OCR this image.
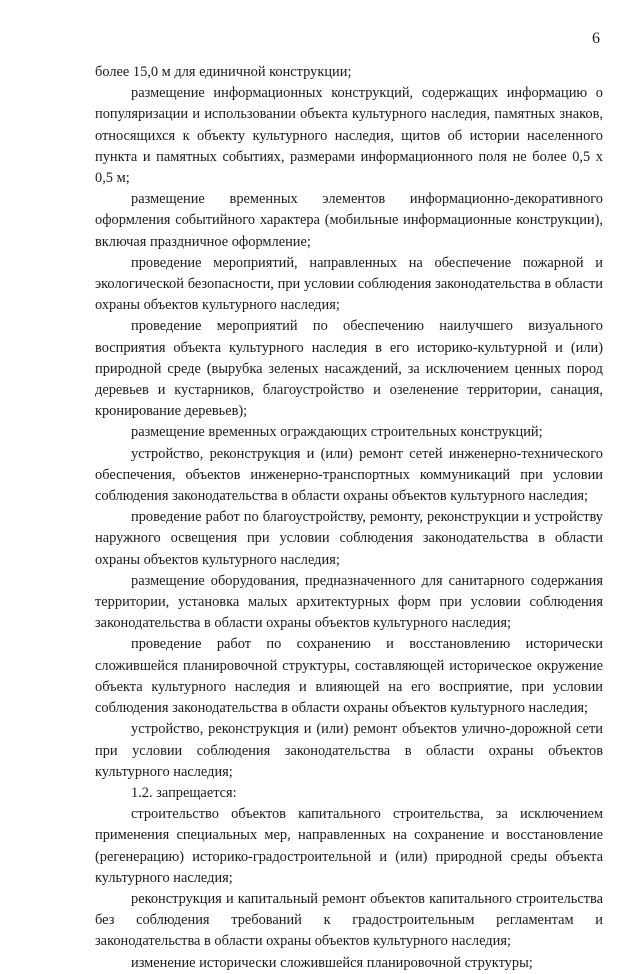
6

более 15,0 м для единичной конструкции;

размещение информационных конструкций, содержащих информацию о популяризации и использовании объекта культурного наследия, памятных знаков, относящихся к объекту культурного наследия, щитов об истории населенного пункта и памятных событиях, размерами информационного поля не более 0,5 х 0,5 м;

размещение временных элементов информационно-декоративного оформления событийного характера (мобильные информационные конструкции), включая праздничное оформление;

проведение мероприятий, направленных на обеспечение пожарной и экологической безопасности, при условии соблюдения законодательства в области охраны объектов культурного наследия;

проведение мероприятий по обеспечению наилучшего визуального восприятия объекта культурного наследия в его историко-культурной и (или) природной среде (вырубка зеленых насаждений, за исключением ценных пород деревьев и кустарников, благоустройство и озеленение территории, санация, кронирование деревьев);

размещение временных ограждающих строительных конструкций;

устройство, реконструкция и (или) ремонт сетей инженерно-технического обеспечения, объектов инженерно-транспортных коммуникаций при условии соблюдения законодательства в области охраны объектов культурного наследия;

проведение работ по благоустройству, ремонту, реконструкции и устройству наружного освещения при условии соблюдения законодательства в области охраны объектов культурного наследия;

размещение оборудования, предназначенного для санитарного содержания территории, установка малых архитектурных форм при условии соблюдения законодательства в области охраны объектов культурного наследия;

проведение работ по сохранению и восстановлению исторически сложившейся планировочной структуры, составляющей историческое окружение объекта культурного наследия и влияющей на его восприятие, при условии соблюдения законодательства в области охраны объектов культурного наследия;

устройство, реконструкция и (или) ремонт объектов улично-дорожной сети при условии соблюдения законодательства в области охраны объектов культурного наследия;

1.2. запрещается:

строительство объектов капитального строительства, за исключением применения специальных мер, направленных на сохранение и восстановление (регенерацию) историко-градостроительной и (или) природной среды объекта культурного наследия;

реконструкция и капитальный ремонт объектов капитального строительства без соблюдения требований к градостроительным регламентам и законодательства в области охраны объектов культурного наследия;

изменение исторически сложившейся планировочной структуры;
